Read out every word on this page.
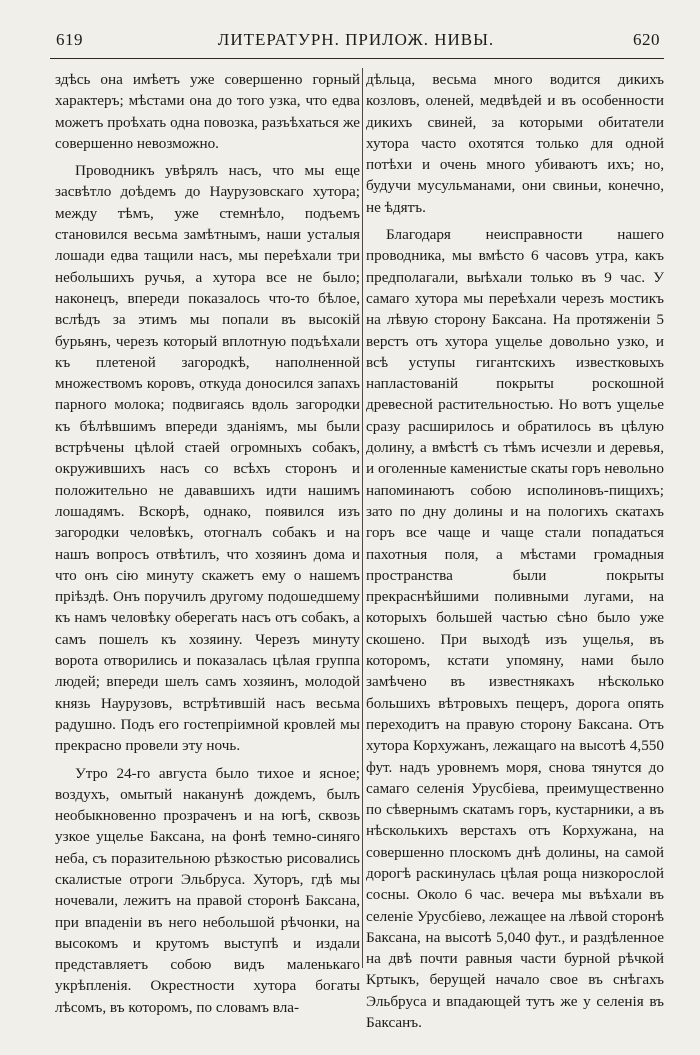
619	ЛИТЕРАТУРН. ПРИЛОЖ. НИВЫ.	620

здѣсь она имѣетъ уже совершенно горный характеръ; мѣстами она до того узка, что едва можетъ проѣхать одна повозка, разъѣхаться же совершенно невозможно.

Проводникъ увѣрялъ насъ, что мы еще засвѣтло доѣдемъ до Наурузовскаго хутора; между тѣмъ, уже стемнѣло, подъемъ становился весьма замѣтнымъ, наши усталыя лошади едва тащили насъ, мы переѣхали три небольшихъ ручья, а хутора все не было; наконецъ, впереди показалось что-то бѣлое, вслѣдъ за этимъ мы попали въ высокій бурьянъ, черезъ который вплотную подъѣхали къ плетеной загородкѣ, наполненной множествомъ коровъ, откуда доносился запахъ парного молока; подвигаясь вдоль загородки къ бѣлѣвшимъ впереди зданіямъ, мы были встрѣчены цѣлой стаей огромныхъ собакъ, окружившихъ насъ со всѣхъ сторонъ и положительно не дававшихъ идти нашимъ лошадямъ. Вскорѣ, однако, появился изъ загородки человѣкъ, отогналъ собакъ и на нашъ вопросъ отвѣтилъ, что хозяинъ дома и что онъ сію минуту скажетъ ему о нашемъ пріѣздѣ. Онъ поручилъ другому подошедшему къ намъ человѣку оберегать насъ отъ собакъ, а самъ пошелъ къ хозяину. Черезъ минуту ворота отворились и показалась цѣлая группа людей; впереди шелъ самъ хозяинъ, молодой князь Наурузовъ, встрѣтившій насъ весьма радушно. Подъ его гостепріимной кровлей мы прекрасно провели эту ночь.

Утро 24-го августа было тихое и ясное; воздухъ, омытый наканунѣ дождемъ, былъ необыкновенно прозраченъ и на югѣ, сквозь узкое ущелье Баксана, на фонѣ темно-синяго неба, съ поразительною рѣзкостью рисовались скалистые отроги Эльбруса. Хуторъ, гдѣ мы ночевали, лежитъ на правой сторонѣ Баксана, при впаденіи въ него небольшой рѣчонки, на высокомъ и крутомъ выступѣ и издали представляетъ собою видъ маленькаго укрѣпленія. Окрестности хутора богаты лѣсомъ, въ которомъ, по словамъ вла-

дѣльца, весьма много водится дикихъ козловъ, оленей, медвѣдей и въ особенности дикихъ свиней, за которыми обитатели хутора часто охотятся только для одной потѣхи и очень много убиваютъ ихъ; но, будучи мусульманами, они свиньи, конечно, не ѣдятъ.

Благодаря неисправности нашего проводника, мы вмѣсто 6 часовъ утра, какъ предполагали, выѣхали только въ 9 час. У самаго хутора мы переѣхали черезъ мостикъ на лѣвую сторону Баксана. На протяженіи 5 верстъ отъ хутора ущелье довольно узко, и всѣ уступы гигантскихъ известковыхъ напластованій покрыты роскошной древесной растительностью. Но вотъ ущелье сразу расширилось и обратилось въ цѣлую долину, а вмѣстѣ съ тѣмъ исчезли и деревья, и оголенные каменистые скаты горъ невольно напоминаютъ собою исполиновъ-пищихъ; зато по дну долины и на пологихъ скатахъ горъ все чаще и чаще стали попадаться пахотныя поля, а мѣстами громадныя пространства были покрыты прекраснѣйшими поливными лугами, на которыхъ большей частью сѣно было уже скошено. При выходѣ изъ ущелья, въ которомъ, кстати упомяну, нами было замѣчено въ известнякахъ нѣсколько большихъ вѣтровыхъ пещеръ, дорога опять переходитъ на правую сторону Баксана. Отъ хутора Корхужанъ, лежащаго на высотѣ 4,550 фут. надъ уровнемъ моря, снова тянутся до самаго селенія Урусбіева, преимущественно по сѣвернымъ скатамъ горъ, кустарники, а въ нѣсколькихъ верстахъ отъ Корхужана, на совершенно плоскомъ днѣ долины, на самой дорогѣ раскинулась цѣлая роща низкорослой сосны. Около 6 час. вечера мы въѣхали въ селеніе Урусбіево, лежащее на лѣвой сторонѣ Баксана, на высотѣ 5,040 фут., и раздѣленное на двѣ почти равныя части бурной рѣчкой Кртыкъ, берущей начало свое въ снѣгахъ Эльбруса и впадающей тутъ же у селенія въ Баксанъ.
